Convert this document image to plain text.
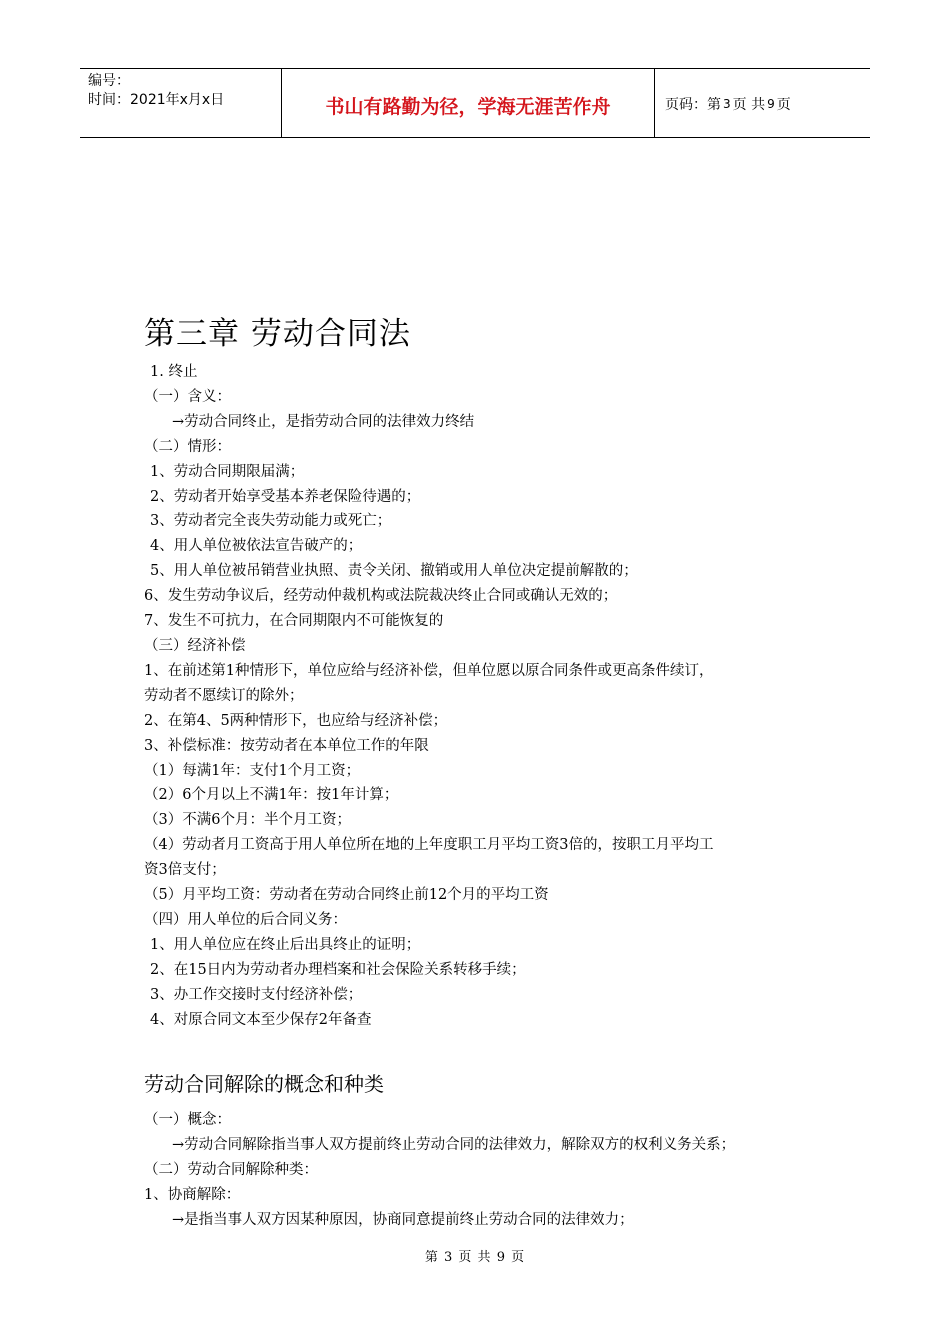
编号：
时间：2021年x月x日	书山有路勤为径，学海无涯苦作舟	页码：第 3 页 共 9 页
第三章 劳动合同法
1. 终止
（一）含义：
→劳动合同终止，是指劳动合同的法律效力终结
（二）情形：
1、劳动合同期限届满；
2、劳动者开始享受基本养老保险待遇的；
3、劳动者完全丧失劳动能力或死亡；
4、用人单位被依法宣告破产的；
5、用人单位被吊销营业执照、责令关闭、撤销或用人单位决定提前解散的；
6、发生劳动争议后，经劳动仲裁机构或法院裁决终止合同或确认无效的；
7、发生不可抗力，在合同期限内不可能恢复的
（三）经济补偿
1、在前述第1种情形下，单位应给与经济补偿，但单位愿以原合同条件或更高条件续订，
劳动者不愿续订的除外；
2、在第4、5两种情形下，也应给与经济补偿；
3、补偿标准：按劳动者在本单位工作的年限
（1）每满1年：支付1个月工资；
（2）6个月以上不满1年：按1年计算；
（3）不满6个月：半个月工资；
（4）劳动者月工资高于用人单位所在地的上年度职工月平均工资3倍的，按职工月平均工
资3倍支付；
（5）月平均工资：劳动者在劳动合同终止前12个月的平均工资
（四）用人单位的后合同义务：
1、用人单位应在终止后出具终止的证明；
2、在15日内为劳动者办理档案和社会保险关系转移手续；
3、办工作交接时支付经济补偿；
4、对原合同文本至少保存2年备查
劳动合同解除的概念和种类
（一）概念：
→劳动合同解除指当事人双方提前终止劳动合同的法律效力，解除双方的权利义务关系；
（二）劳动合同解除种类：
1、协商解除：
→是指当事人双方因某种原因，协商同意提前终止劳动合同的法律效力；
第 3 页 共 9 页
